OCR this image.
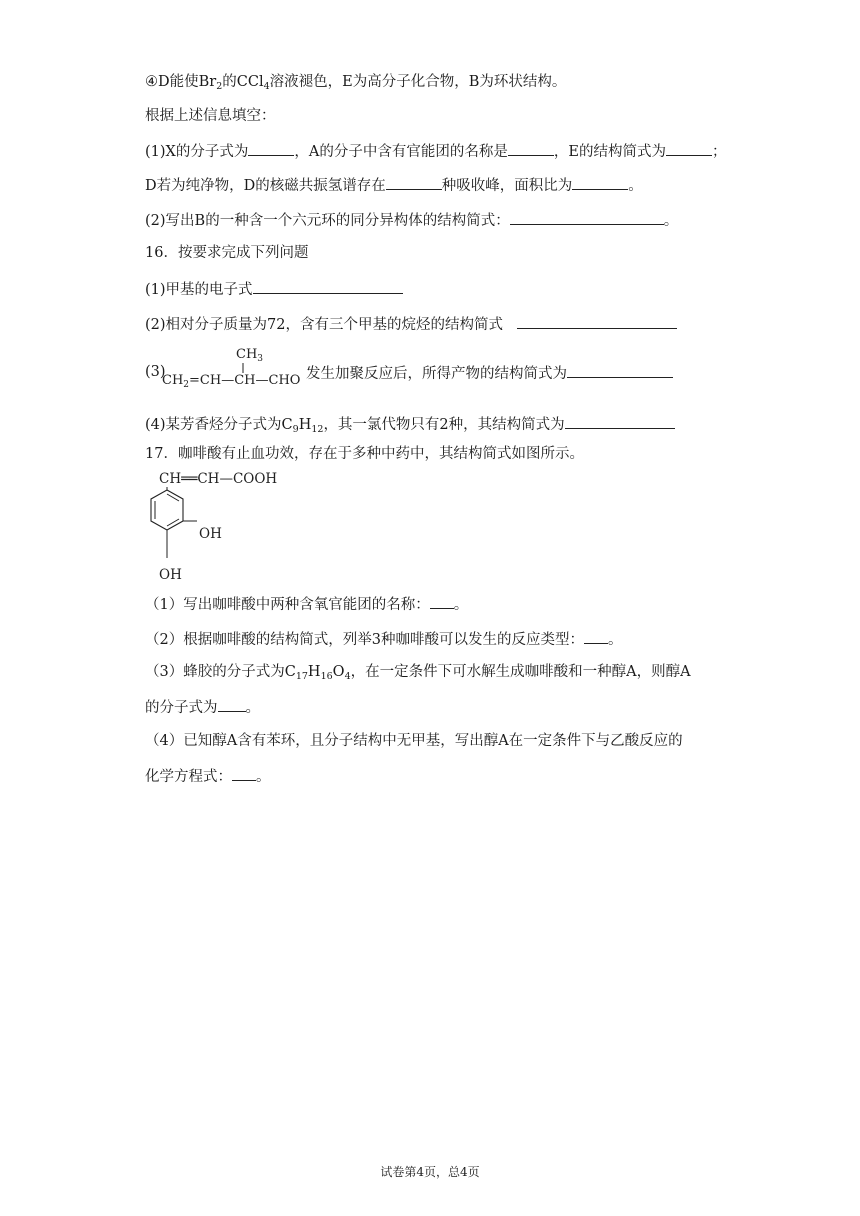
④D能使$Br_2$的CCl$_4$溶液褪色，E为高分子化合物，B为环状结构。
根据上述信息填空：
(1)X的分子式为	，A的分子中含有官能团的名称是	，E的结构简式为	；
D若为纯净物，D的核磁共振氢谱存在	种吸收峰，面积比为	。
(2)写出B的一种含一个六元环的同分异构体的结构简式：	。
16．按要求完成下列问题
(1)甲基的电子式
(2)相对分子质量为72，含有三个甲基的烷烃的结构简式
(3)
$CH_3$
$CH_2=CH—CH—CHO$ 发生加聚反应后，所得产物的结构简式为
(4)某芳香烃分子式为$C_9H_{12}$，其一氯代物只有2种，其结构简式为
17．咖啡酸有止血功效，存在于多种中药中，其结构简式如图所示。
CH══CH—COOH
OH
OH
（1）写出咖啡酸中两种含氧官能团的名称： 。
（2）根据咖啡酸的结构简式，列举3种咖啡酸可以发生的反应类型： 。
（3）蜂胶的分子式为$C_{17}H_{16}O_4$，在一定条件下可水解生成咖啡酸和一种醇A，则醇A
的分子式为 。
（4）已知醇A含有苯环，且分子结构中无甲基，写出醇A在一定条件下与乙酸反应的
化学方程式： 。
试卷第4页，总4页
